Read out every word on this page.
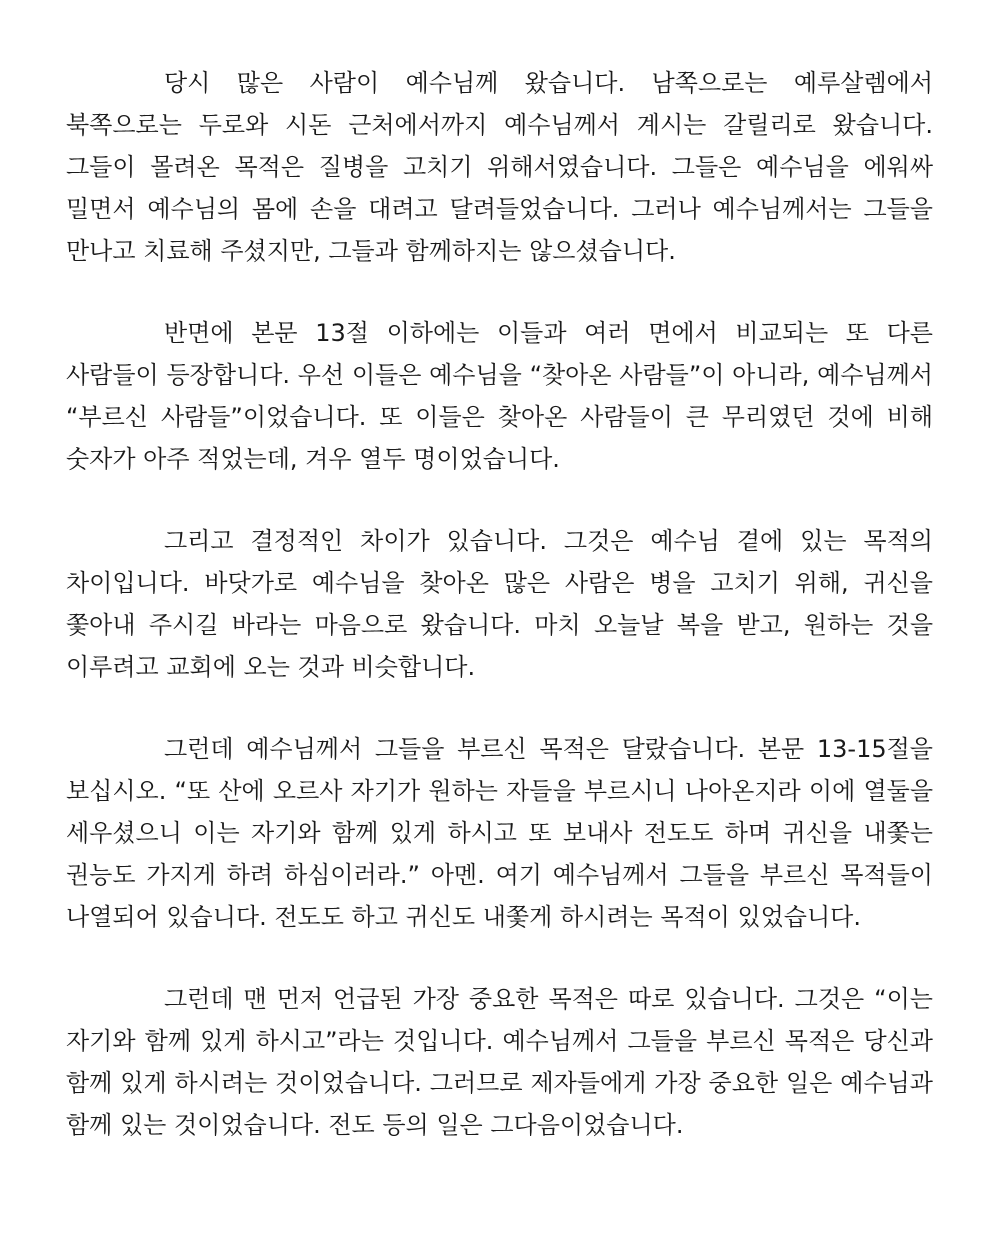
당시 많은 사람이 예수님께 왔습니다. 남쪽으로는 예루살렘에서 북쪽으로는 두로와 시돈 근처에서까지 예수님께서 계시는 갈릴리로 왔습니다. 그들이 몰려온 목적은 질병을 고치기 위해서였습니다. 그들은 예수님을 에워싸 밀면서 예수님의 몸에 손을 대려고 달려들었습니다. 그러나 예수님께서는 그들을 만나고 치료해 주셨지만, 그들과 함께하지는 않으셨습니다.

반면에 본문 13절 이하에는 이들과 여러 면에서 비교되는 또 다른 사람들이 등장합니다. 우선 이들은 예수님을 “찾아온 사람들”이 아니라, 예수님께서 “부르신 사람들”이었습니다. 또 이들은 찾아온 사람들이 큰 무리였던 것에 비해 숫자가 아주 적었는데, 겨우 열두 명이었습니다.

그리고 결정적인 차이가 있습니다. 그것은 예수님 곁에 있는 목적의 차이입니다. 바닷가로 예수님을 찾아온 많은 사람은 병을 고치기 위해, 귀신을 쫓아내 주시길 바라는 마음으로 왔습니다. 마치 오늘날 복을 받고, 원하는 것을 이루려고 교회에 오는 것과 비슷합니다.

그런데 예수님께서 그들을 부르신 목적은 달랐습니다. 본문 13-15절을 보십시오. “또 산에 오르사 자기가 원하는 자들을 부르시니 나아온지라 이에 열둘을 세우셨으니 이는 자기와 함께 있게 하시고 또 보내사 전도도 하며 귀신을 내쫓는 권능도 가지게 하려 하심이러라.” 아멘. 여기 예수님께서 그들을 부르신 목적들이 나열되어 있습니다. 전도도 하고 귀신도 내쫓게 하시려는 목적이 있었습니다.

그런데 맨 먼저 언급된 가장 중요한 목적은 따로 있습니다. 그것은 “이는 자기와 함께 있게 하시고”라는 것입니다. 예수님께서 그들을 부르신 목적은 당신과 함께 있게 하시려는 것이었습니다. 그러므로 제자들에게 가장 중요한 일은 예수님과 함께 있는 것이었습니다. 전도 등의 일은 그다음이었습니다.
